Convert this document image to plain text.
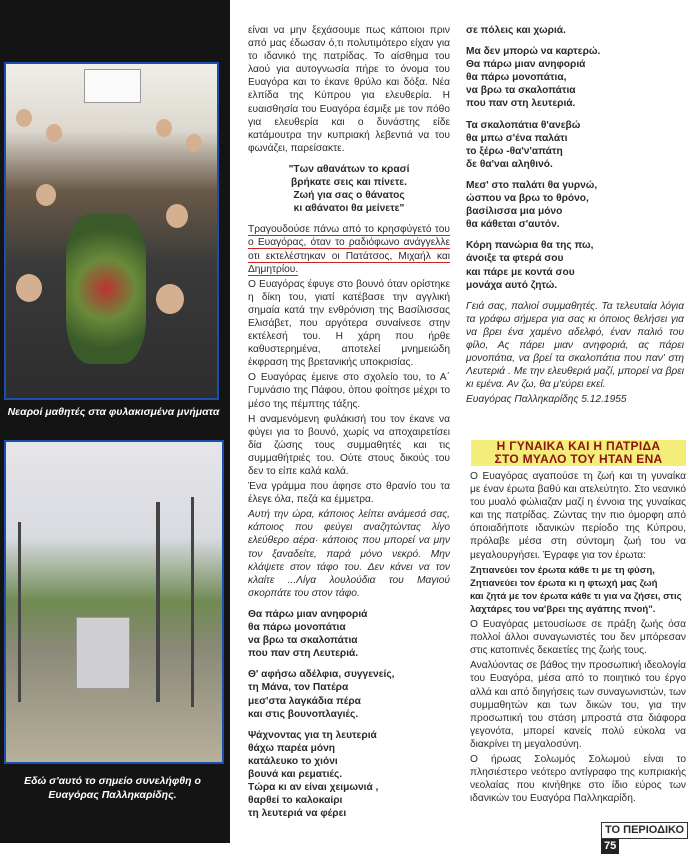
Νεαροί μαθητές στα φυλακισμένα μνήματα
Εδώ σ'αυτό το σημείο συνελήφθη ο Ευαγόρας Παλληκαρίδης.

είναι να μην ξεχάσουμε πως κάποιοι πριν από μας έδωσαν ό,τι πολυτιμότερο είχαν για το ιδανικό της πατρίδας. Το αίσθημα του λαού για αυτογνωσία πήρε το όνομα του Ευαγόρα και το έκανε θρύλο και δόξα. Νέα ελπίδα της Κύπρου για ελευθερία. Η ευαισθησία του Ευαγόρα έσμιξε με τον πόθο για ελευθερία και ο δυνάστης είδε κατάμουτρα την κυπριακή λεβεντιά να του φωνάζει, παρείσακτε.

"Των αθανάτων το κρασί
βρήκατε σεις και πίνετε.
Ζωή για σας ο θάνατος
κι αθάνατοι θα μείνετε"

Τραγουδούσε πάνω από το κρησφύγετό του ο Ευαγόρας, όταν το ραδιόφωνο ανάγγελλε οτι εκτελέστηκαν οι Πατάτσος, Μιχαήλ και Δημητρίου.

Ο Ευαγόρας έφυγε στο βουνό όταν ορίστηκε η δίκη του, γιατί κατέβασε την αγγλική σημαία κατά την ενθρόνιση της Βασίλισσας Ελισάβετ, που αργότερα συναίνεσε στην εκτέλεσή του. Η χάρη που ήρθε καθυστερημένα, αποτελεί μνημειώδη έκφραση της βρετανικής υποκρισίας.

Ο Ευαγόρας έμεινε στο σχολείο του, το Α΄ Γυμνάσιο της Πάφου, όπου φοίτησε μέχρι το μέσο της πέμπτης τάξης.

Η αναμενόμενη φυλάκισή του τον έκανε να φύγει για το βουνό, χωρίς να αποχαιρετίσει δία ζώσης τους συμμαθητές και τις συμμαθήτριές του. Ούτε στους δικούς του δεν το είπε καλά καλά.

Ένα γράμμα που άφησε στο θρανίο του τα έλεγε όλα, πεζά κα έμμετρα.

Αυτή την ώρα, κάποιος λείπει ανάμεσά σας, κάποιος που φεύγει αναζητώντας λίγο ελεύθερο αέρα· κάποιος που μπορεί να μην τον ξαναδείτε, παρά μόνο νεκρό. Μην κλάψετε στον τάφο του. Δεν κάνει να τον κλαίτε ...Λίγα λουλούδια του Μαγιού σκορπάτε του στον τάφο.

Θα πάρω μιαν ανηφοριά
θα πάρω μονοπάτια
να βρω τα σκαλοπάτια
που παν στη Λευτεριά.
Θ' αφήσω αδέλφια, συγγενείς,
τη Μάνα, τον Πατέρα
μεσ'στα λαγκάδια πέρα
και στις βουνοπλαγιές.
Ψάχνοντας για τη λευτεριά
θάχω παρέα μόνη
κατάλευκο το χιόνι
βουνά και ρεματιές.
Τώρα κι αν είναι χειμωνιά ,
θαρθεί το καλοκαίρι
τη λευτεριά να φέρει
σε πόλεις και χωριά.
Μα δεν μπορώ να καρτερώ.
Θα πάρω μιαν ανηφοριά
θα πάρω μονοπάτια,
να βρω τα σκαλοπάτια
που παν στη λευτεριά.
Τα σκαλοπάτια θ'ανεβώ
θα μπω σ'ένα παλάτι
το ξέρω -θα'ν'απάτη
δε θα'ναι αληθινό.
Μεσ' στο παλάτι θα γυρνώ,
ώσπου να βρω το θρόνο,
βασίλισσα μια μόνο
θα κάθεται σ'αυτόν.
Κόρη πανώρια θα της πω,
άνοιξε τα φτερά σου
και πάρε με κοντά σου
μονάχα αυτό ζητώ.

Γειά σας, παλιοί συμμαθητές. Τα τελευταία λόγια τα γράφω σήμερα για σας κι όποιος θελήσει για να βρει ένα χαμένο αδελφό, έναν παλιό του φίλο, Ας πάρει μιαν ανηφοριά, ας πάρει μονοπάτια, να βρεί τα σκαλοπάτια που παν' στη Λευτεριά . Με την ελευθεριά μαζί, μπορεί να βρει κι εμένα. Αν ζω, θα μ'εύρει εκεί.

Ευαγόρας Παλληκαρίδης 5.12.1955

Η ΓΥΝΑΙΚΑ ΚΑΙ Η ΠΑΤΡΙΔΑ
ΣΤΟ ΜΥΑΛΟ ΤΟΥ ΗΤΑΝ ΕΝΑ

Ο Ευαγόρας αγαπούσε τη ζωή και τη γυναίκα με έναν έρωτα βαθύ και ατελεύτητο. Στο νεανικό του μυαλό φώλιαζαν μαζί η έννοια της γυναίκας και της πατρίδας. Ζώντας την πιο όμορφη από όποιαδήποτε ιδανικών περίοδο της Κύπρου, πρόλαβε μέσα στη σύντομη ζωή του να μεγαλουργήσει. Έγραφε για τον έρωτα:

Ζητιανεύει τον έρωτα κάθε τι με τη φύση,
Ζητιανεύει τον έρωτα κι η φτωχή μας ζωή
και ζητά με τον έρωτα κάθε τι για να ζήσει, στις
λαχτάρες του να'βρει της αγάπης πνοή".

Ο Ευαγόρας μετουσίωσε σε πράξη ζωής όσα πολλοί άλλοι συναγωνιστές του δεν μπόρεσαν στις κατοπινές δεκαετίες της ζωής τους.

Αναλύοντας σε βάθος την προσωπική ιδεολογία του Ευαγόρα, μέσα από το ποιητικό του έργο αλλά και από διηγήσεις των συναγωνιστών, των συμμαθητών και των δικών του, για την προσωπική του στάση μπροστά στα διάφορα γεγονότα, μπορεί κανείς πολύ εύκολα να διακρίνει τη μεγαλοσύνη.

Ο ήρωας Σολωμός Σολωμού είναι το πλησιέστερο νεότερο αντίγραφο της κυπριακής νεολαίας που κινήθηκε στο ίδιο εύρος των ιδανικών του Ευαγόρα Παλληκαρίδη.

ΤΟ ΠΕΡΙΟΔΙΚΟ75
